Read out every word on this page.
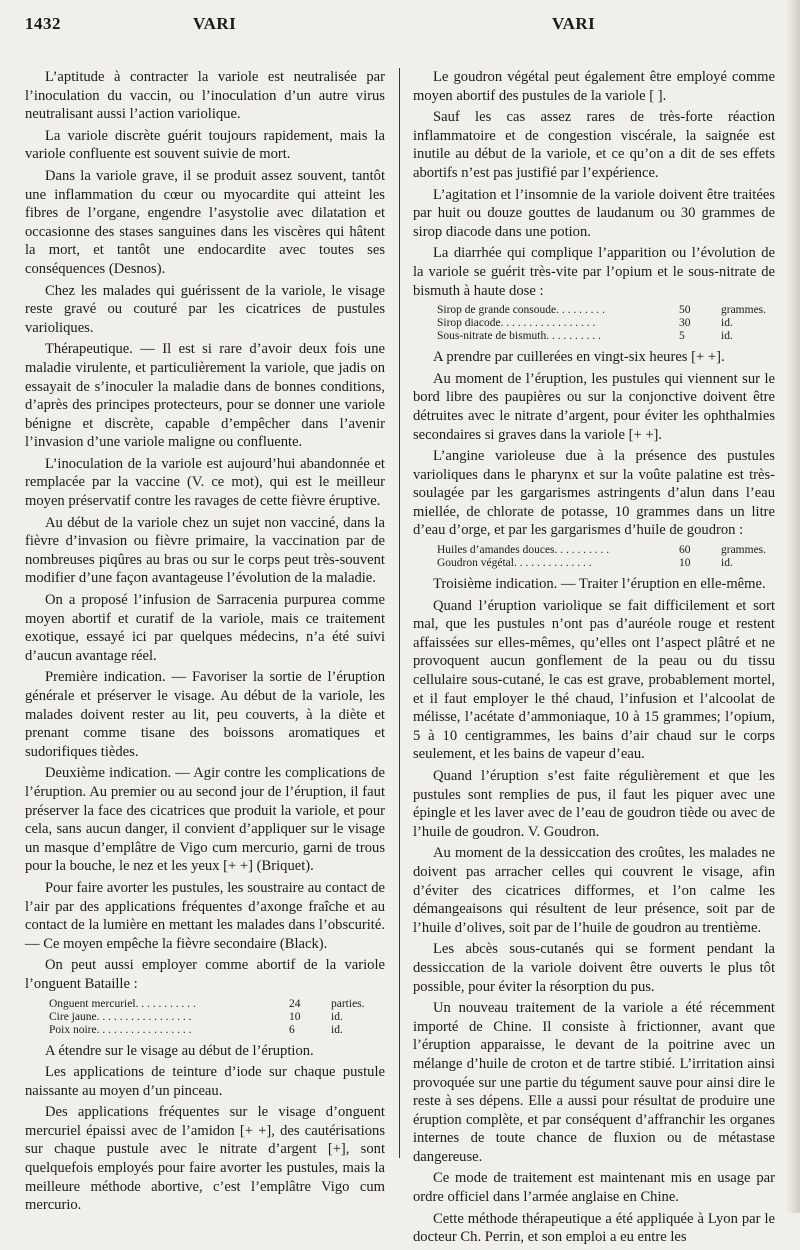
1432	VARI	VARI

L’aptitude à contracter la variole est neutralisée par l’inoculation du vaccin, ou l’inoculation d’un autre virus neutralisant aussi l’action variolique.

La variole discrète guérit toujours rapidement, mais la variole confluente est souvent suivie de mort.

Dans la variole grave, il se produit assez souvent, tantôt une inflammation du cœur ou myocardite qui atteint les fibres de l’organe, engendre l’asystolie avec dilatation et occasionne des stases sanguines dans les viscères qui hâtent la mort, et tantôt une endocardite avec toutes ses conséquences (Desnos).

Chez les malades qui guérissent de la variole, le visage reste gravé ou couturé par les cicatrices de pustules varioliques.

Thérapeutique. — Il est si rare d’avoir deux fois une maladie virulente, et particulièrement la variole, que jadis on essayait de s’inoculer la maladie dans de bonnes conditions, d’après des principes protecteurs, pour se donner une variole bénigne et discrète, capable d’empêcher dans l’avenir l’invasion d’une variole maligne ou confluente.

L’inoculation de la variole est aujourd’hui abandonnée et remplacée par la vaccine (V. ce mot), qui est le meilleur moyen préservatif contre les ravages de cette fièvre éruptive.

Au début de la variole chez un sujet non vacciné, dans la fièvre d’invasion ou fièvre primaire, la vaccination par de nombreuses piqûres au bras ou sur le corps peut très-souvent modifier d’une façon avantageuse l’évolution de la maladie.

On a proposé l’infusion de Sarracenia purpurea comme moyen abortif et curatif de la variole, mais ce traitement exotique, essayé ici par quelques médecins, n’a été suivi d’aucun avantage réel.

Première indication. — Favoriser la sortie de l’éruption générale et préserver le visage. Au début de la variole, les malades doivent rester au lit, peu couverts, à la diète et prenant comme tisane des boissons aromatiques et sudorifiques tièdes.

Deuxième indication. — Agir contre les complications de l’éruption. Au premier ou au second jour de l’éruption, il faut préserver la face des cicatrices que produit la variole, et pour cela, sans aucun danger, il convient d’appliquer sur le visage un masque d’emplâtre de Vigo cum mercurio, garni de trous pour la bouche, le nez et les yeux [+ +] (Briquet).

Pour faire avorter les pustules, les soustraire au contact de l’air par des applications fréquentes d’axonge fraîche et au contact de la lumière en mettant les malades dans l’obscurité. — Ce moyen empêche la fièvre secondaire (Black).

On peut aussi employer comme abortif de la variole l’onguent Bataille :

Onguent mercuriel. . . . . . . . . . .	24	parties.
Cire jaune. . . . . . . . . . . . . . . . .	10	id.
Poix noire. . . . . . . . . . . . . . . . .	6	id.

A étendre sur le visage au début de l’éruption.

Les applications de teinture d’iode sur chaque pustule naissante au moyen d’un pinceau.

Des applications fréquentes sur le visage d’onguent mercuriel épaissi avec de l’amidon [+ +], des cautérisations sur chaque pustule avec le nitrate d’argent [+], sont quelquefois employés pour faire avorter les pustules, mais la meilleure méthode abortive, c’est l’emplâtre Vigo cum mercurio.

Le goudron végétal peut également être employé comme moyen abortif des pustules de la variole [ ].

Sauf les cas assez rares de très-forte réaction inflammatoire et de congestion viscérale, la saignée est inutile au début de la variole, et ce qu’on a dit de ses effets abortifs n’est pas justifié par l’expérience.

L’agitation et l’insomnie de la variole doivent être traitées par huit ou douze gouttes de laudanum ou 30 grammes de sirop diacode dans une potion.

La diarrhée qui complique l’apparition ou l’évolution de la variole se guérit très-vite par l’opium et le sous-nitrate de bismuth à haute dose :

Sirop de grande consoude. . . . . . . . .	50	grammes.
Sirop diacode. . . . . . . . . . . . . . . . .	30	id.
Sous-nitrate de bismuth. . . . . . . . . .	5	id.

A prendre par cuillerées en vingt-six heures [+ +].

Au moment de l’éruption, les pustules qui viennent sur le bord libre des paupières ou sur la conjonctive doivent être détruites avec le nitrate d’argent, pour éviter les ophthalmies secondaires si graves dans la variole [+ +].

L’angine varioleuse due à la présence des pustules varioliques dans le pharynx et sur la voûte palatine est très-soulagée par les gargarismes astringents d’alun dans l’eau miellée, de chlorate de potasse, 10 grammes dans un litre d’eau d’orge, et par les gargarismes d’huile de goudron :

Huiles d’amandes douces. . . . . . . . . .	60	grammes.
Goudron végétal. . . . . . . . . . . . . .	10	id.

Troisième indication. — Traiter l’éruption en elle-même.

Quand l’éruption variolique se fait difficilement et sort mal, que les pustules n’ont pas d’auréole rouge et restent affaissées sur elles-mêmes, qu’elles ont l’aspect plâtré et ne provoquent aucun gonflement de la peau ou du tissu cellulaire sous-cutané, le cas est grave, probablement mortel, et il faut employer le thé chaud, l’infusion et l’alcoolat de mélisse, l’acétate d’ammoniaque, 10 à 15 grammes; l’opium, 5 à 10 centigrammes, les bains d’air chaud sur le corps seulement, et les bains de vapeur d’eau.

Quand l’éruption s’est faite régulièrement et que les pustules sont remplies de pus, il faut les piquer avec une épingle et les laver avec de l’eau de goudron tiède ou avec de l’huile de goudron. V. Goudron.

Au moment de la dessiccation des croûtes, les malades ne doivent pas arracher celles qui couvrent le visage, afin d’éviter des cicatrices difformes, et l’on calme les démangeaisons qui résultent de leur présence, soit par de l’huile d’olives, soit par de l’huile de goudron au trentième.

Les abcès sous-cutanés qui se forment pendant la dessiccation de la variole doivent être ouverts le plus tôt possible, pour éviter la résorption du pus.

Un nouveau traitement de la variole a été récemment importé de Chine. Il consiste à frictionner, avant que l’éruption apparaisse, le devant de la poitrine avec un mélange d’huile de croton et de tartre stibié. L’irritation ainsi provoquée sur une partie du tégument sauve pour ainsi dire le reste à ses dépens. Elle a aussi pour résultat de produire une éruption complète, et par conséquent d’affranchir les organes internes de toute chance de fluxion ou de métastase dangereuse.

Ce mode de traitement est maintenant mis en usage par ordre officiel dans l’armée anglaise en Chine.

Cette méthode thérapeutique a été appliquée à Lyon par le docteur Ch. Perrin, et son emploi a eu entre les
